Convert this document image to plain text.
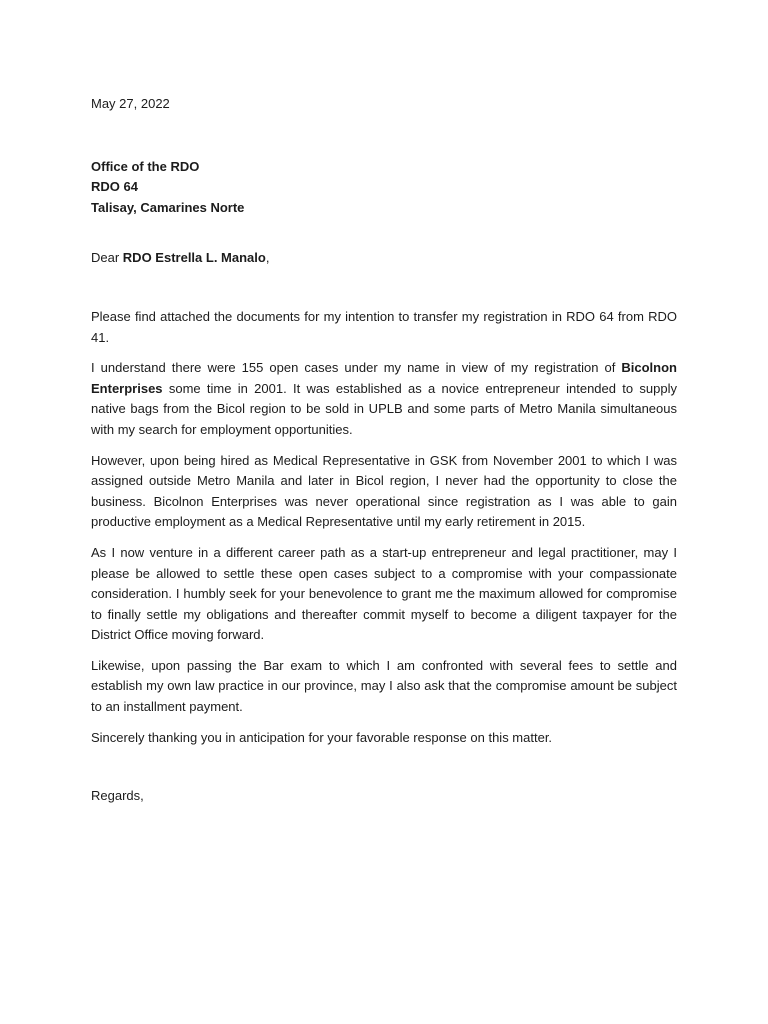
May 27, 2022

Office of the RDO
RDO 64
Talisay, Camarines Norte

Dear RDO Estrella L. Manalo,

Please find attached the documents for my intention to transfer my registration in RDO 64 from RDO 41.

I understand there were 155 open cases under my name in view of my registration of Bicolnon Enterprises some time in 2001. It was established as a novice entrepreneur intended to supply native bags from the Bicol region to be sold in UPLB and some parts of Metro Manila simultaneous with my search for employment opportunities.

However, upon being hired as Medical Representative in GSK from November 2001 to which I was assigned outside Metro Manila and later in Bicol region, I never had the opportunity to close the business. Bicolnon Enterprises was never operational since registration as I was able to gain productive employment as a Medical Representative until my early retirement in 2015.

As I now venture in a different career path as a start-up entrepreneur and legal practitioner, may I please be allowed to settle these open cases subject to a compromise with your compassionate consideration. I humbly seek for your benevolence to grant me the maximum allowed for compromise to finally settle my obligations and thereafter commit myself to become a diligent taxpayer for the District Office moving forward.

Likewise, upon passing the Bar exam to which I am confronted with several fees to settle and establish my own law practice in our province, may I also ask that the compromise amount be subject to an installment payment.

Sincerely thanking you in anticipation for your favorable response on this matter.

Regards,
